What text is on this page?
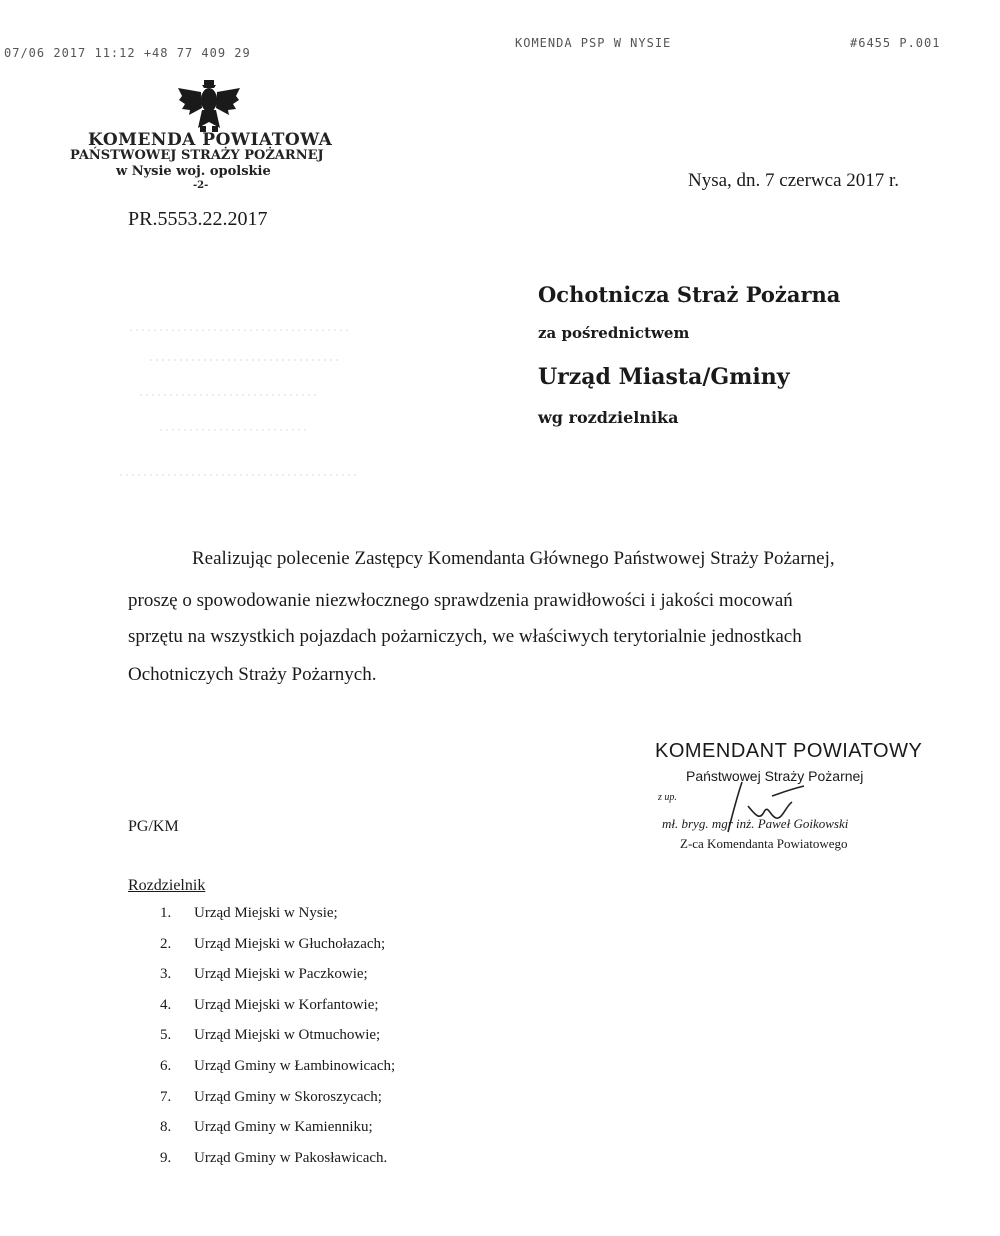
07/06 2017 11:12 +48 77 409 29
KOMENDA PSP W NYSIE	#6455 P.001
KOMENDA POWIATOWA
PAŃSTWOWEJ STRAŻY POŻARNEJ
w Nysie woj. opolskie
-2-
PR.5553.22.2017
Nysa, dn. 7 czerwca 2017 r.
Ochotnicza Straż Pożarna
za pośrednictwem
Urząd Miasta/Gminy
wg rozdzielnika
Realizując polecenie Zastępcy Komendanta Głównego Państwowej Straży Pożarnej,
proszę o spowodowanie niezwłocznego sprawdzenia prawidłowości i jakości mocowań
sprzętu na wszystkich pojazdach pożarniczych, we właściwych terytorialnie jednostkach
Ochotniczych Straży Pożarnych.
KOMENDANT POWIATOWY
Państwowej Straży Pożarnej
z up.
mł. bryg. mgr inż. Paweł Goikowski
Z-ca Komendanta Powiatowego
PG/KM
Rozdzielnik
1.	Urząd Miejski w Nysie;
2.	Urząd Miejski w Głuchołazach;
3.	Urząd Miejski w Paczkowie;
4.	Urząd Miejski w Korfantowie;
5.	Urząd Miejski w Otmuchowie;
6.	Urząd Gminy w Łambinowicach;
7.	Urząd Gminy w Skoroszycach;
8.	Urząd Gminy w Kamienniku;
9.	Urząd Gminy w Pakosławicach.
